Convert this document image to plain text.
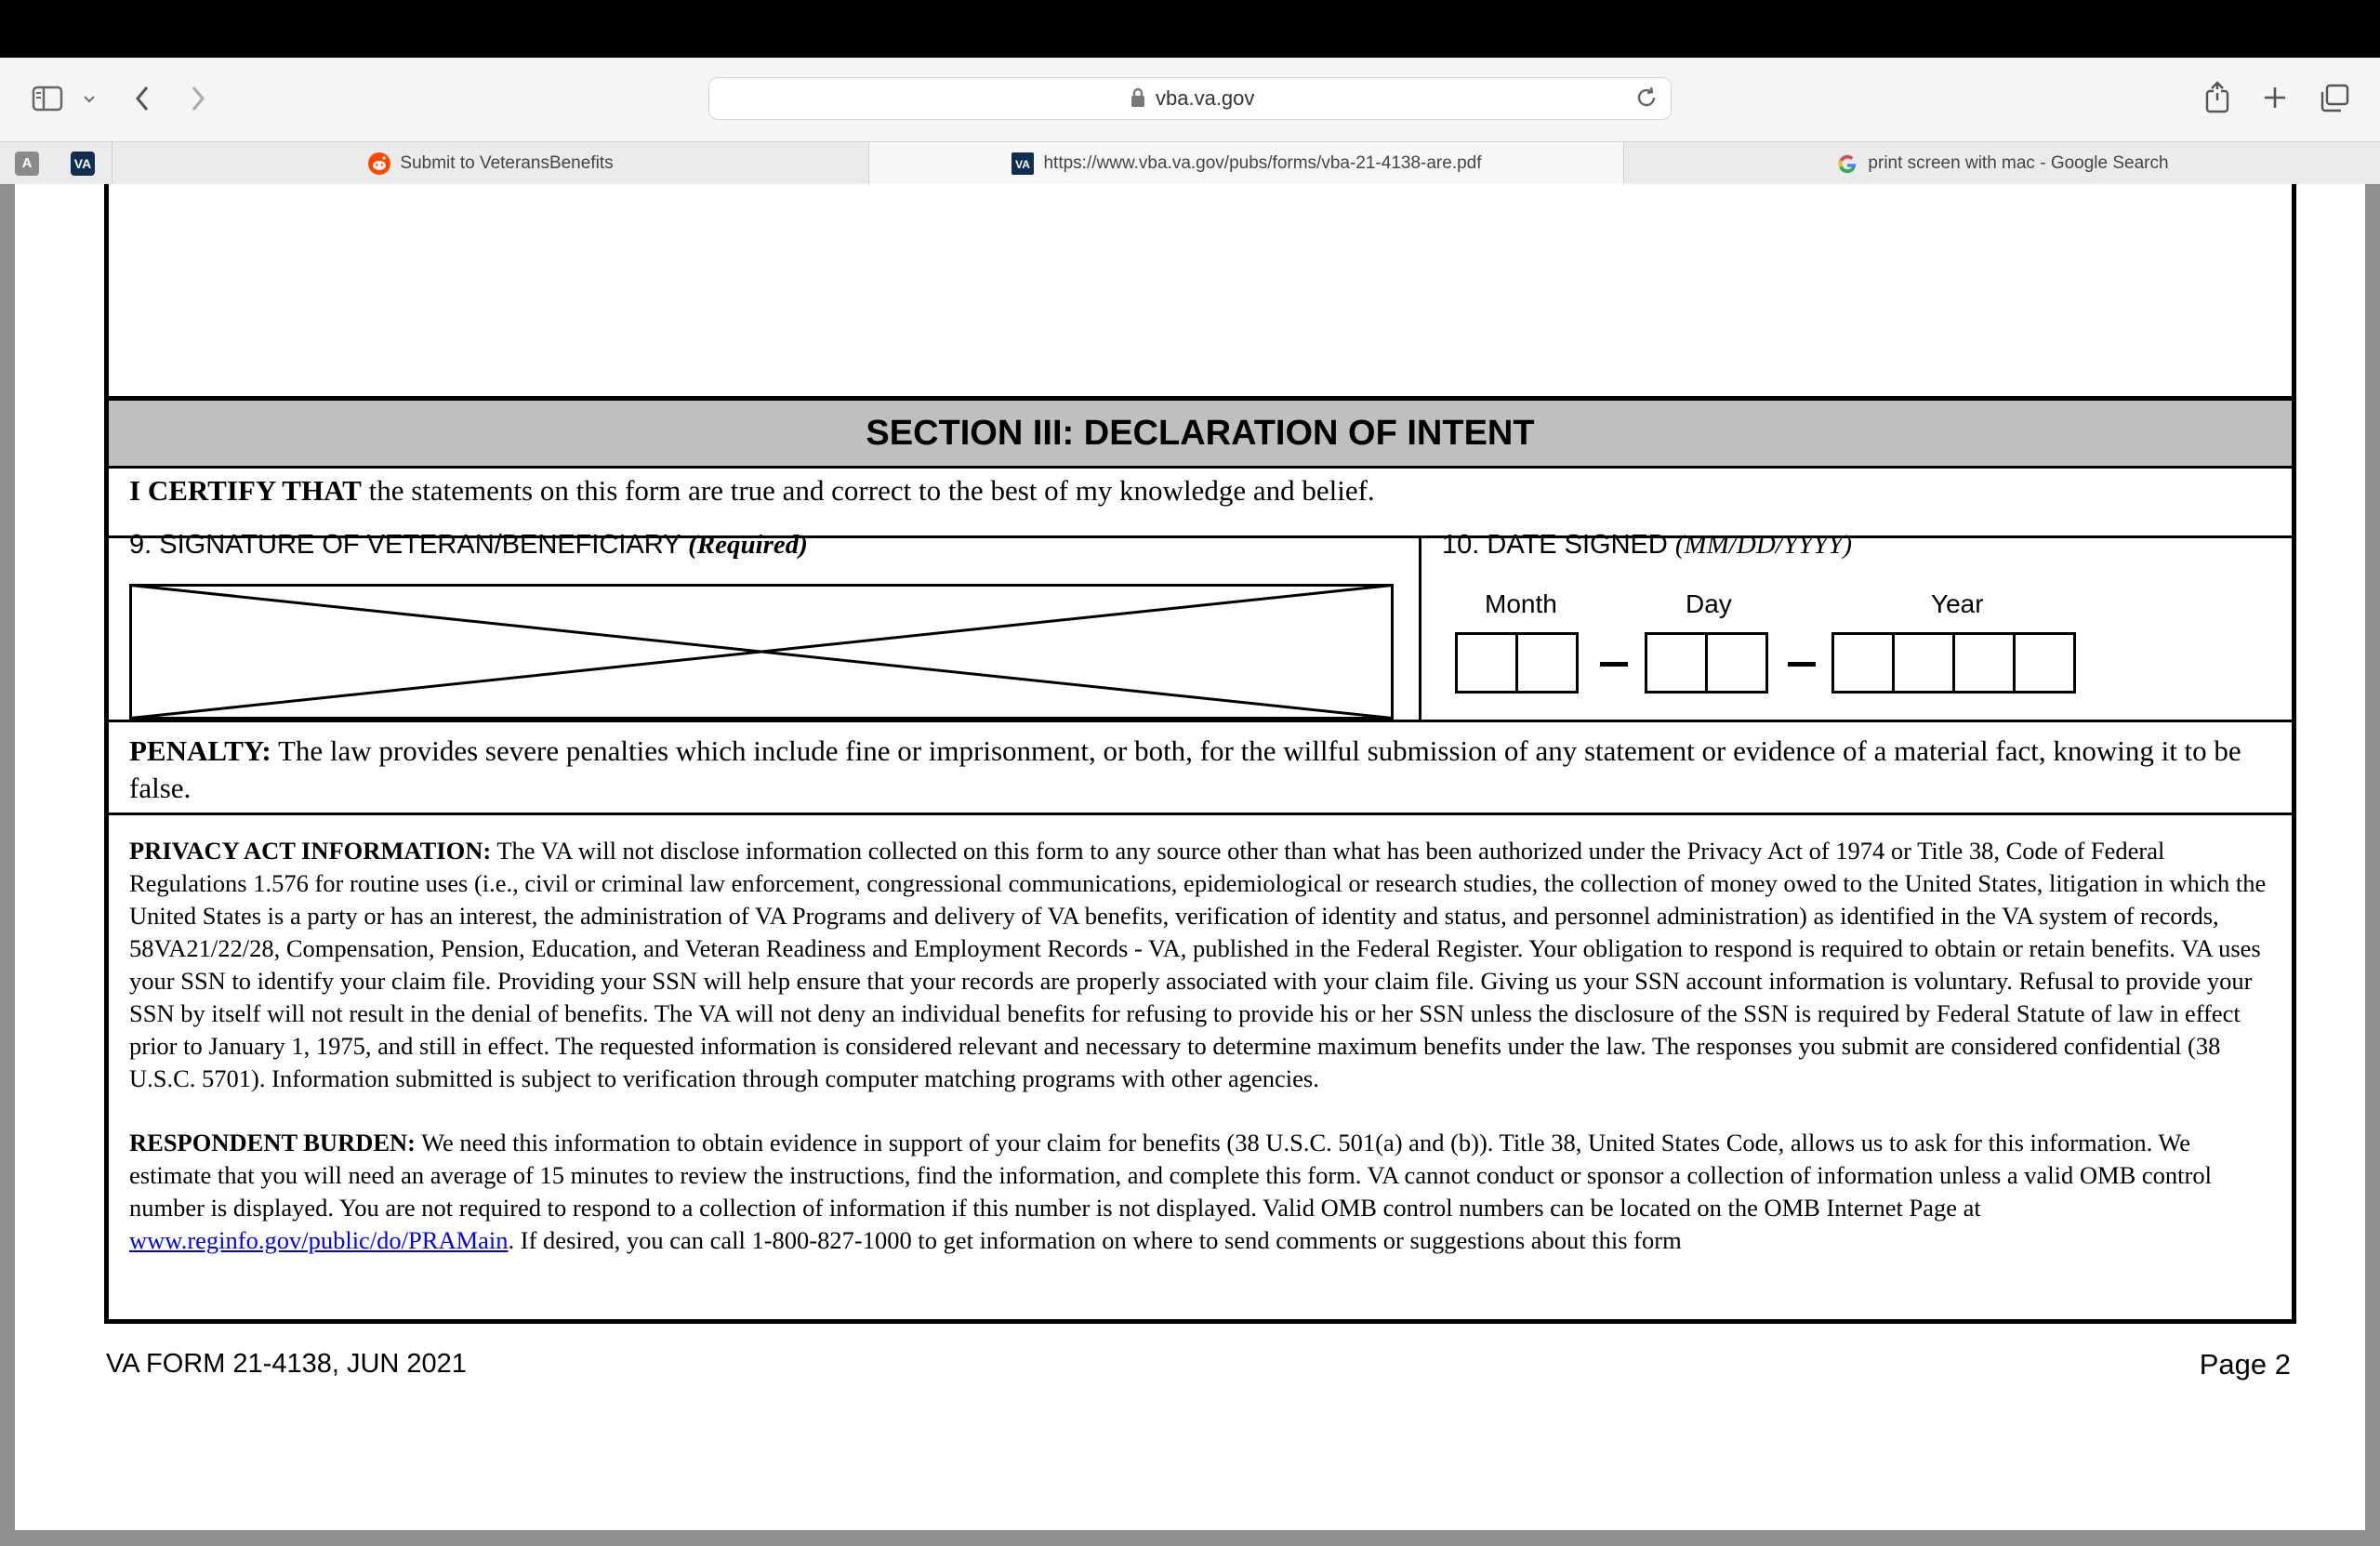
vba.va.gov
A	VA	Submit to VeteransBenefits	VA https://www.vba.va.gov/pubs/forms/vba-21-4138-are.pdf	print screen with mac - Google Search
SECTION III: DECLARATION OF INTENT
I CERTIFY THAT the statements on this form are true and correct to the best of my knowledge and belief.
9. SIGNATURE OF VETERAN/BENEFICIARY (Required)	10. DATE SIGNED (MM/DD/YYYY)
Month	Day	Year
PENALTY: The law provides severe penalties which include fine or imprisonment, or both, for the willful submission of any statement or evidence of a material fact, knowing it to be false.

PRIVACY ACT INFORMATION: The VA will not disclose information collected on this form to any source other than what has been authorized under the Privacy Act of 1974 or Title 38, Code of Federal Regulations 1.576 for routine uses (i.e., civil or criminal law enforcement, congressional communications, epidemiological or research studies, the collection of money owed to the United States, litigation in which the United States is a party or has an interest, the administration of VA Programs and delivery of VA benefits, verification of identity and status, and personnel administration) as identified in the VA system of records, 58VA21/22/28, Compensation, Pension, Education, and Veteran Readiness and Employment Records - VA, published in the Federal Register. Your obligation to respond is required to obtain or retain benefits. VA uses your SSN to identify your claim file. Providing your SSN will help ensure that your records are properly associated with your claim file. Giving us your SSN account information is voluntary. Refusal to provide your SSN by itself will not result in the denial of benefits. The VA will not deny an individual benefits for refusing to provide his or her SSN unless the disclosure of the SSN is required by Federal Statute of law in effect prior to January 1, 1975, and still in effect. The requested information is considered relevant and necessary to determine maximum benefits under the law. The responses you submit are considered confidential (38 U.S.C. 5701). Information submitted is subject to verification through computer matching programs with other agencies.

RESPONDENT BURDEN: We need this information to obtain evidence in support of your claim for benefits (38 U.S.C. 501(a) and (b)). Title 38, United States Code, allows us to ask for this information. We estimate that you will need an average of 15 minutes to review the instructions, find the information, and complete this form. VA cannot conduct or sponsor a collection of information unless a valid OMB control number is displayed. You are not required to respond to a collection of information if this number is not displayed. Valid OMB control numbers can be located on the OMB Internet Page at www.reginfo.gov/public/do/PRAMain. If desired, you can call 1-800-827-1000 to get information on where to send comments or suggestions about this form

VA FORM 21-4138, JUN 2021	Page 2
